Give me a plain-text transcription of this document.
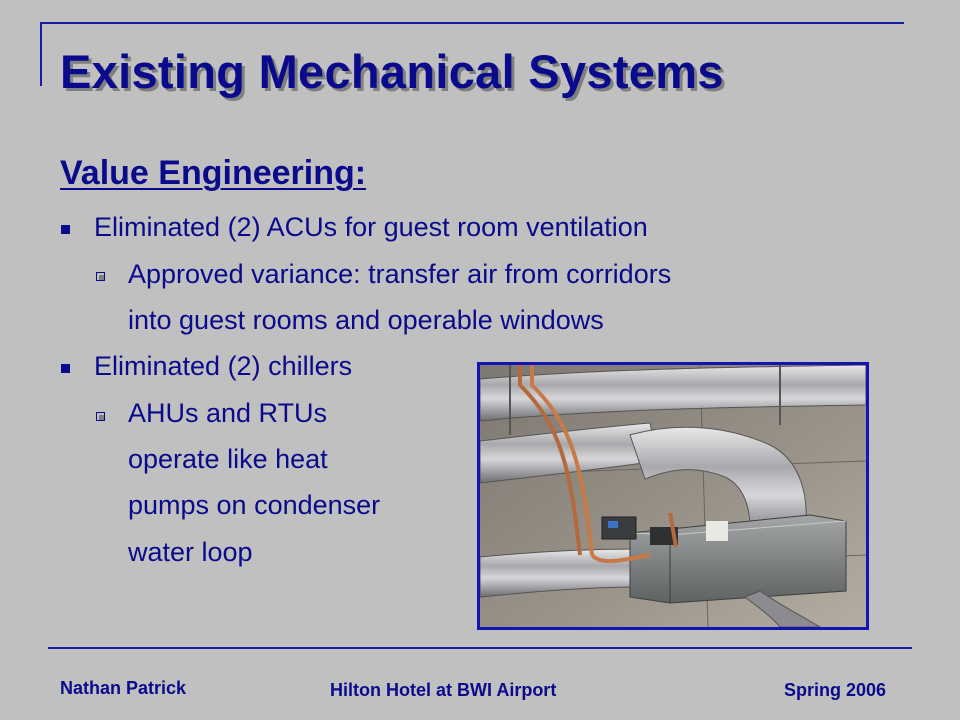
Existing Mechanical Systems
Value Engineering:
Eliminated (2) ACUs for guest room ventilation
Approved variance: transfer air from corridors
into guest rooms and operable windows
Eliminated (2) chillers
AHUs and RTUs
operate like heat
pumps on condenser
water loop
Nathan Patrick	Hilton Hotel at BWI Airport	Spring 2006
